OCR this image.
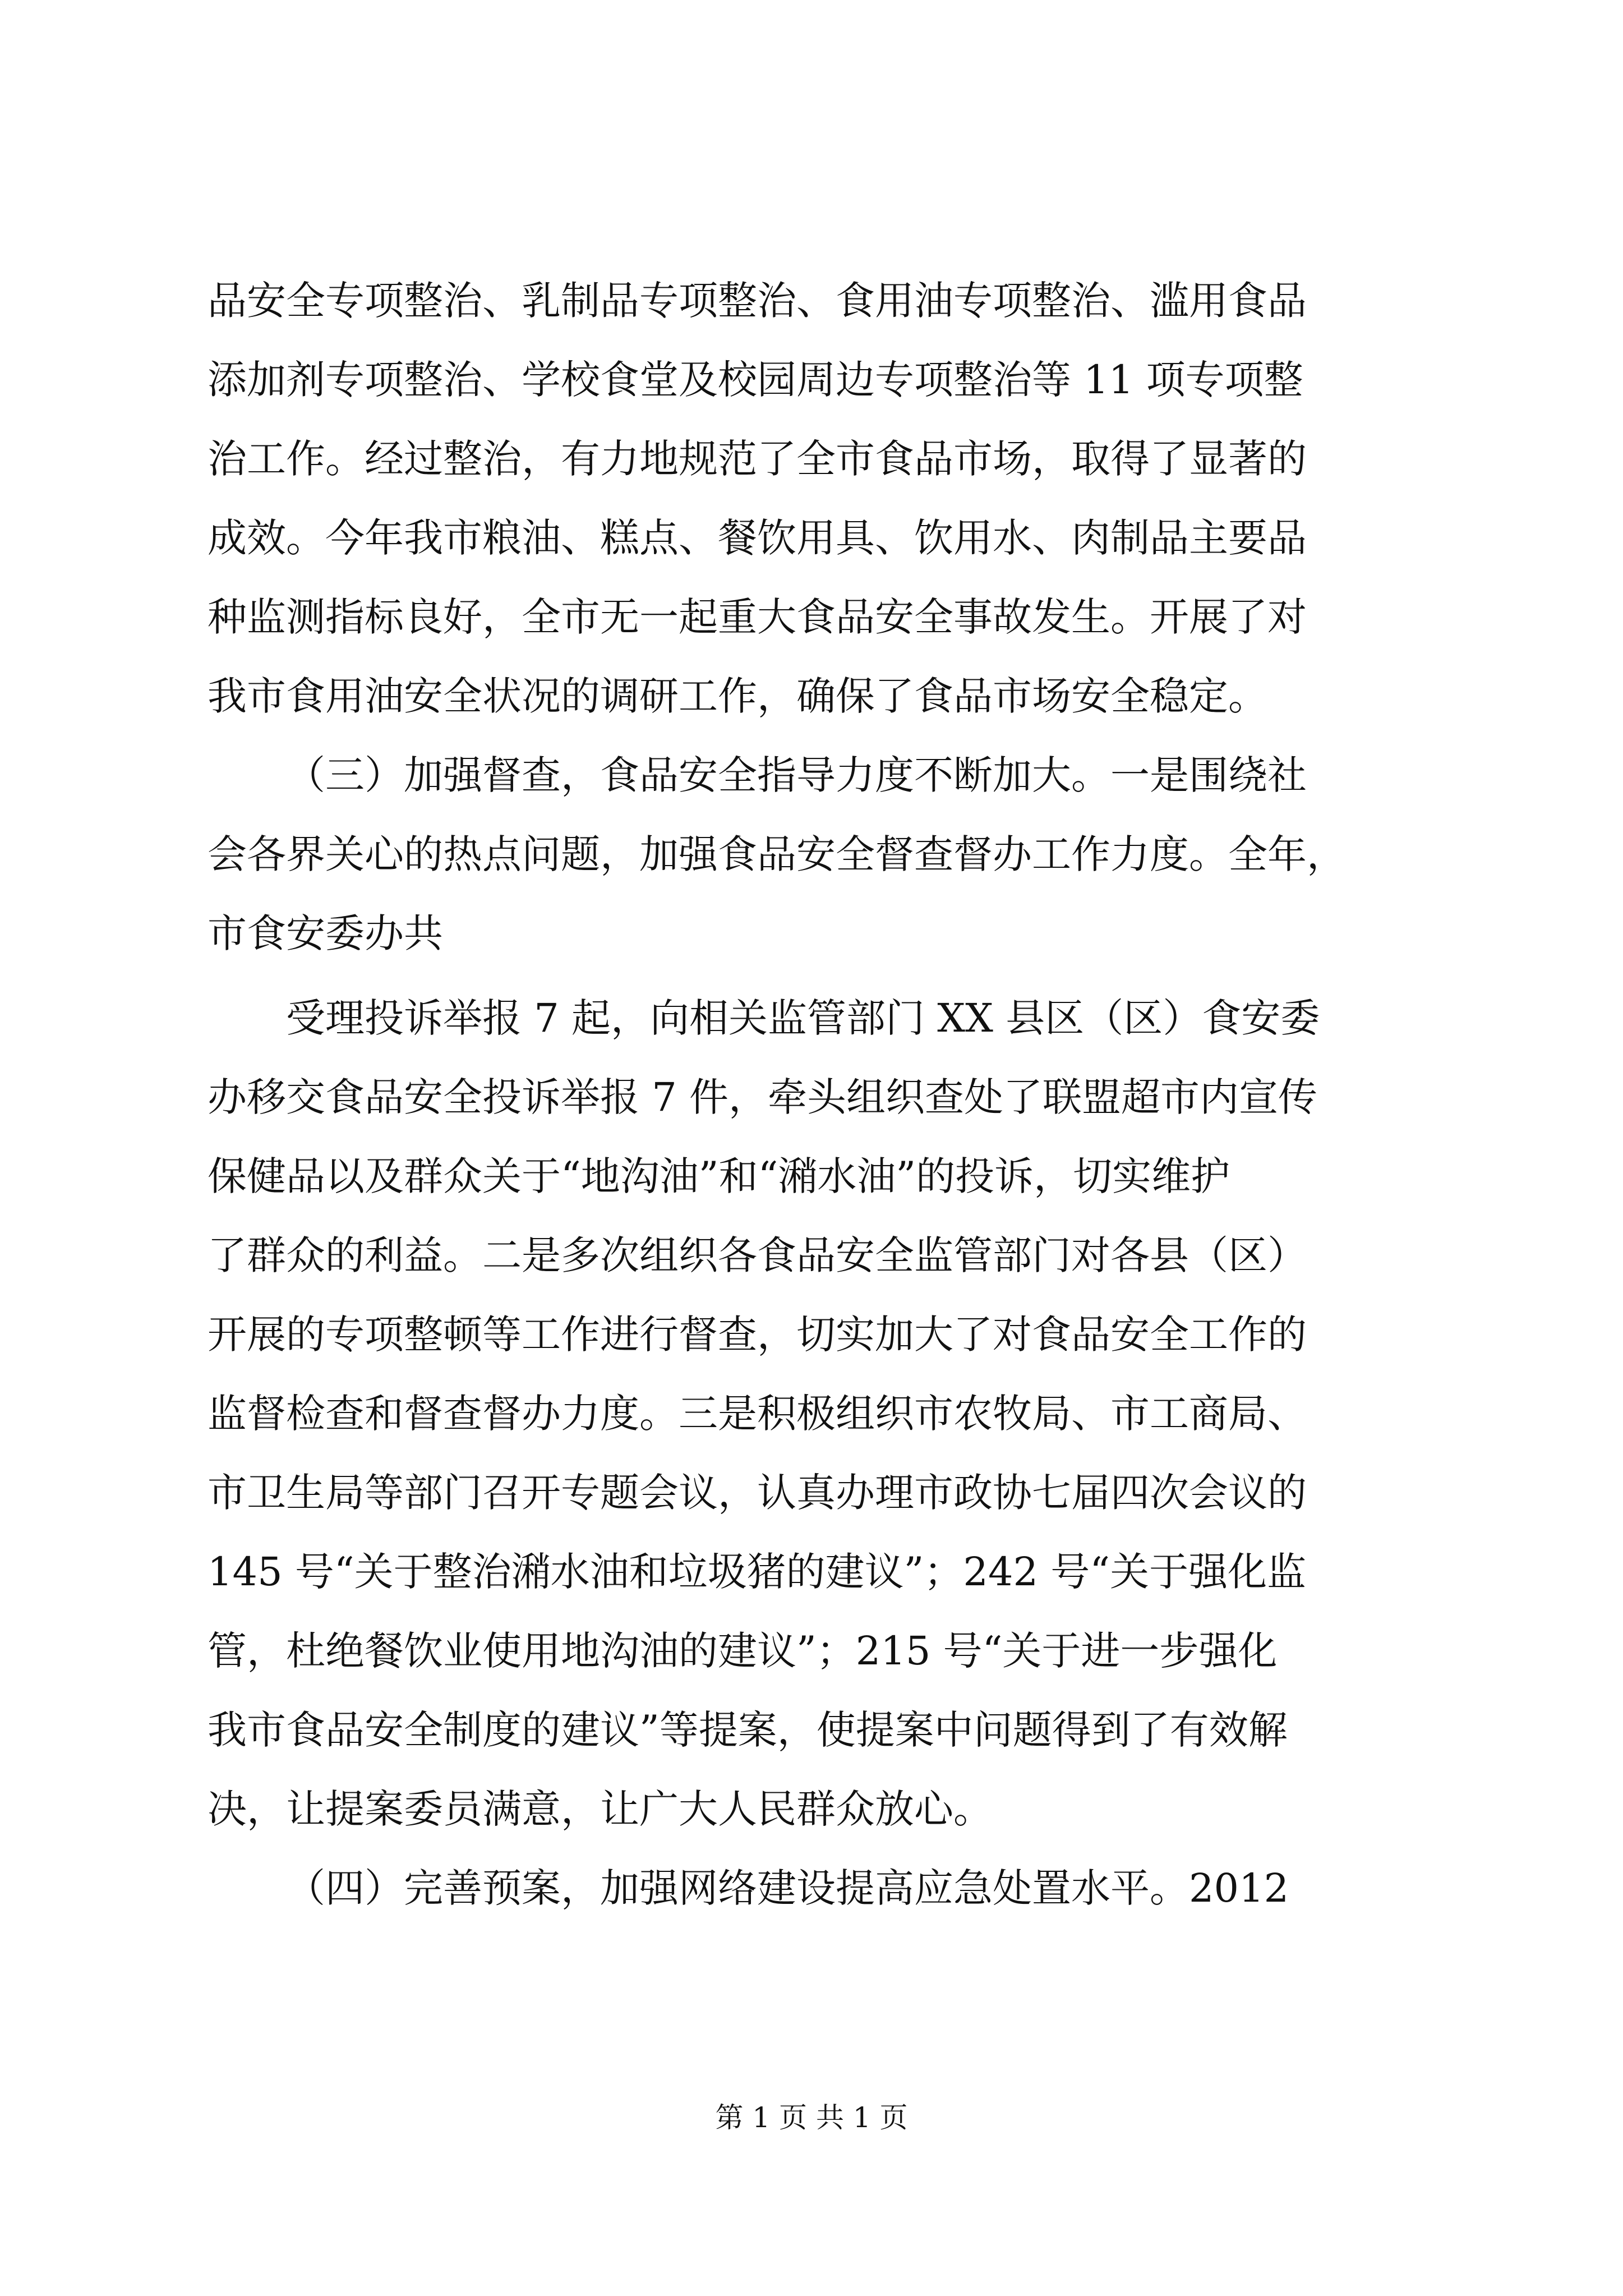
品安全专项整治、乳制品专项整治、食用油专项整治、滥用食品
添加剂专项整治、学校食堂及校园周边专项整治等 11 项专项整
治工作。经过整治，有力地规范了全市食品市场，取得了显著的
成效。今年我市粮油、糕点、餐饮用具、饮用水、肉制品主要品
种监测指标良好，全市无一起重大食品安全事故发生。开展了对
我市食用油安全状况的调研工作，确保了食品市场安全稳定。
（三）加强督查，食品安全指导力度不断加大。一是围绕社
会各界关心的热点问题，加强食品安全督查督办工作力度。全年，
市食安委办共
受理投诉举报 7 起，向相关监管部门 XX 县区（区）食安委
办移交食品安全投诉举报 7 件，牵头组织查处了联盟超市内宣传
保健品以及群众关于“地沟油”和“潲水油”的投诉，切实维护
了群众的利益。二是多次组织各食品安全监管部门对各县（区）
开展的专项整顿等工作进行督查，切实加大了对食品安全工作的
监督检查和督查督办力度。三是积极组织市农牧局、市工商局、
市卫生局等部门召开专题会议，认真办理市政协七届四次会议的
145 号“关于整治潲水油和垃圾猪的建议”；242 号“关于强化监
管，杜绝餐饮业使用地沟油的建议”；215 号“关于进一步强化
我市食品安全制度的建议”等提案，使提案中问题得到了有效解
决，让提案委员满意，让广大人民群众放心。
（四）完善预案，加强网络建设提高应急处置水平。2012
第 1 页 共 1 页
